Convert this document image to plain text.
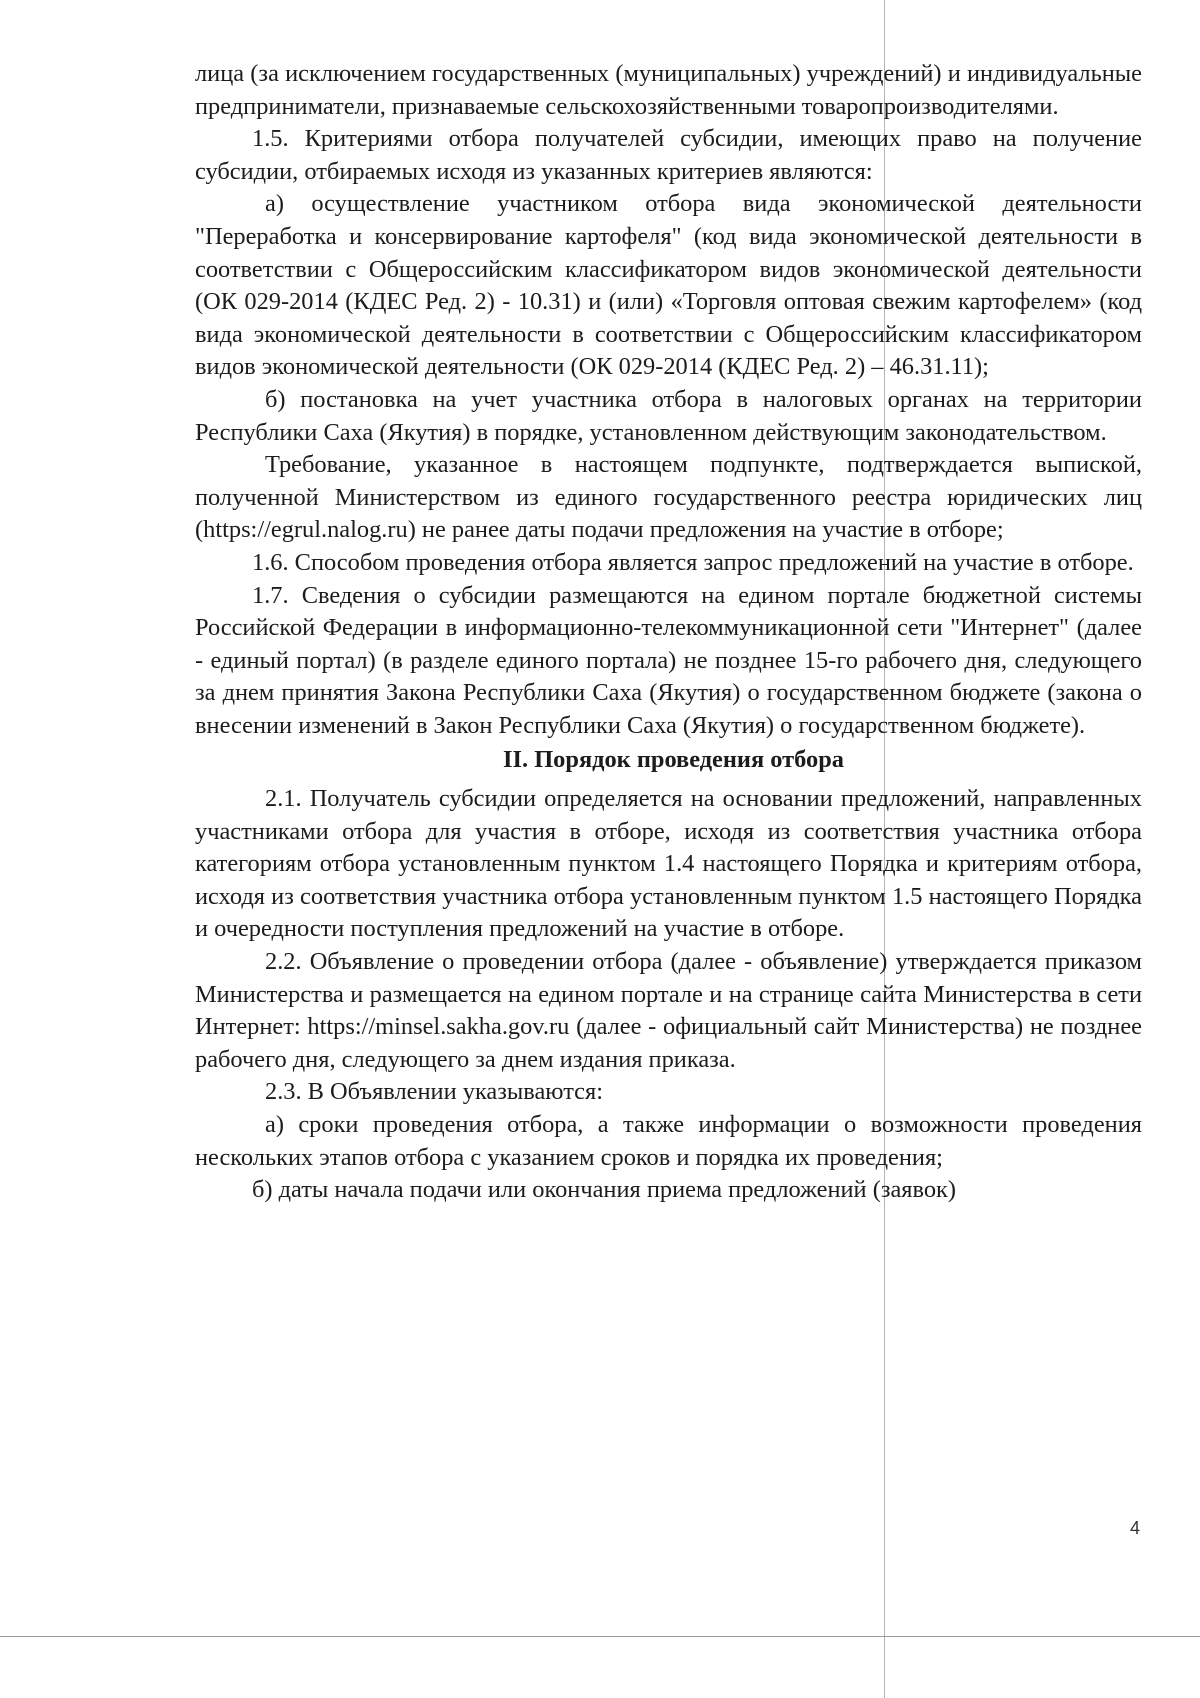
лица (за исключением государственных (муниципальных) учреждений) и индивидуальные предприниматели, признаваемые сельскохозяйственными товаропроизводителями.

1.5. Критериями отбора получателей субсидии, имеющих право на получение субсидии, отбираемых исходя из указанных критериев являются:

а) осуществление участником отбора вида экономической деятельности "Переработка и консервирование картофеля" (код вида экономической деятельности в соответствии с Общероссийским классификатором видов экономической деятельности (ОК 029-2014 (КДЕС Ред. 2) - 10.31) и (или) «Торговля оптовая свежим картофелем» (код вида экономической деятельности в соответствии с Общероссийским классификатором видов экономической деятельности (ОК 029-2014 (КДЕС Ред. 2) – 46.31.11);

б) постановка на учет участника отбора в налоговых органах на территории Республики Саха (Якутия) в порядке, установленном действующим законодательством.

Требование, указанное в настоящем подпункте, подтверждается выпиской, полученной Министерством из единого государственного реестра юридических лиц (https://egrul.nalog.ru) не ранее даты подачи предложения на участие в отборе;

1.6. Способом проведения отбора является запрос предложений на участие в отборе.

1.7. Сведения о субсидии размещаются на едином портале бюджетной системы Российской Федерации в информационно-телекоммуникационной сети "Интернет" (далее - единый портал) (в разделе единого портала) не позднее 15-го рабочего дня, следующего за днем принятия Закона Республики Саха (Якутия) о государственном бюджете (закона о внесении изменений в Закон Республики Саха (Якутия) о государственном бюджете).

II. Порядок проведения отбора

2.1. Получатель субсидии определяется на основании предложений, направленных участниками отбора для участия в отборе, исходя из соответствия участника отбора категориям отбора установленным пунктом 1.4 настоящего Порядка и критериям отбора, исходя из соответствия участника отбора установленным пунктом 1.5 настоящего Порядка и очередности поступления предложений на участие в отборе.

2.2. Объявление о проведении отбора (далее - объявление) утверждается приказом Министерства и размещается на едином портале и на странице сайта Министерства в сети Интернет: https://minsel.sakha.gov.ru (далее - официальный сайт Министерства) не позднее рабочего дня, следующего за днем издания приказа.

2.3. В Объявлении указываются:

а) сроки проведения отбора, а также информации о возможности проведения нескольких этапов отбора с указанием сроков и порядка их проведения;

б) даты начала подачи или окончания приема предложений (заявок)

4
